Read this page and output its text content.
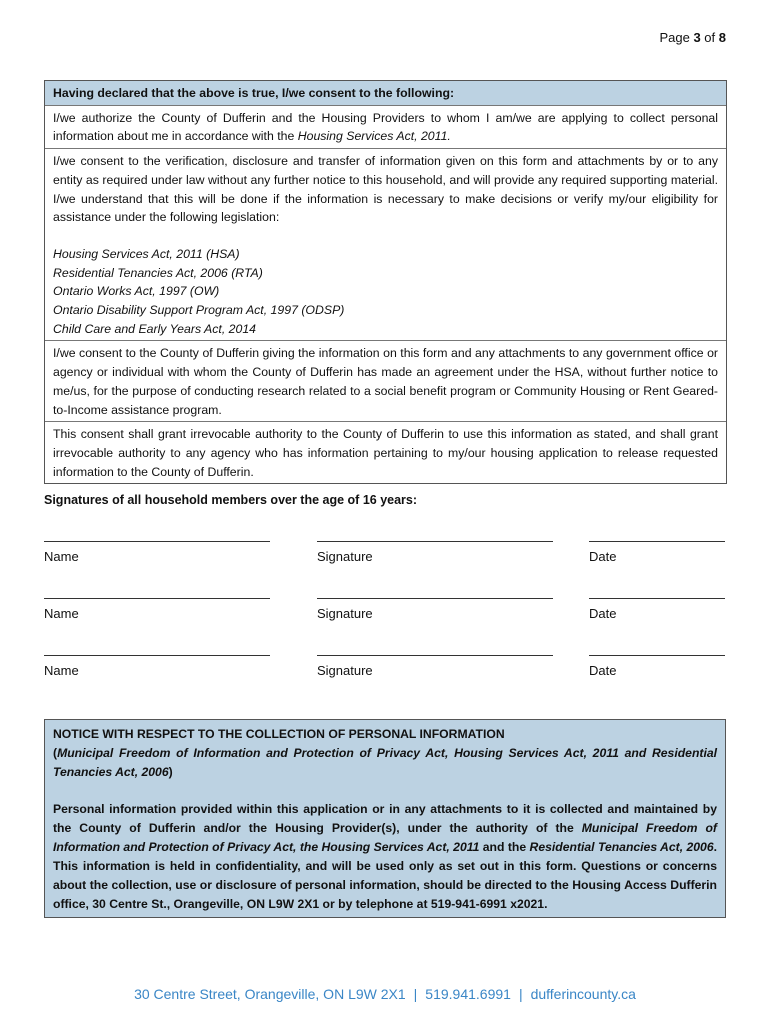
Page 3 of 8
Having declared that the above is true, I/we consent to the following:
I/we authorize the County of Dufferin and the Housing Providers to whom I am/we are applying to collect personal information about me in accordance with the Housing Services Act, 2011.
I/we consent to the verification, disclosure and transfer of information given on this form and attachments by or to any entity as required under law without any further notice to this household, and will provide any required supporting material. I/we understand that this will be done if the information is necessary to make decisions or verify my/our eligibility for assistance under the following legislation:
Housing Services Act, 2011 (HSA)
Residential Tenancies Act, 2006 (RTA)
Ontario Works Act, 1997 (OW)
Ontario Disability Support Program Act, 1997 (ODSP)
Child Care and Early Years Act, 2014
I/we consent to the County of Dufferin giving the information on this form and any attachments to any government office or agency or individual with whom the County of Dufferin has made an agreement under the HSA, without further notice to me/us, for the purpose of conducting research related to a social benefit program or Community Housing or Rent Geared-to-Income assistance program.
This consent shall grant irrevocable authority to the County of Dufferin to use this information as stated, and shall grant irrevocable authority to any agency who has information pertaining to my/our housing application to release requested information to the County of Dufferin.
Signatures of all household members over the age of 16 years:
Name	Signature	Date
Name	Signature	Date
Name	Signature	Date
NOTICE WITH RESPECT TO THE COLLECTION OF PERSONAL INFORMATION
(Municipal Freedom of Information and Protection of Privacy Act, Housing Services Act, 2011 and Residential Tenancies Act, 2006)
Personal information provided within this application or in any attachments to it is collected and maintained by the County of Dufferin and/or the Housing Provider(s), under the authority of the Municipal Freedom of Information and Protection of Privacy Act, the Housing Services Act, 2011 and the Residential Tenancies Act, 2006. This information is held in confidentiality, and will be used only as set out in this form. Questions or concerns about the collection, use or disclosure of personal information, should be directed to the Housing Access Dufferin office, 30 Centre St., Orangeville, ON L9W 2X1 or by telephone at 519-941-6991 x2021.
30 Centre Street, Orangeville, ON L9W 2X1 | 519.941.6991 | dufferincounty.ca
